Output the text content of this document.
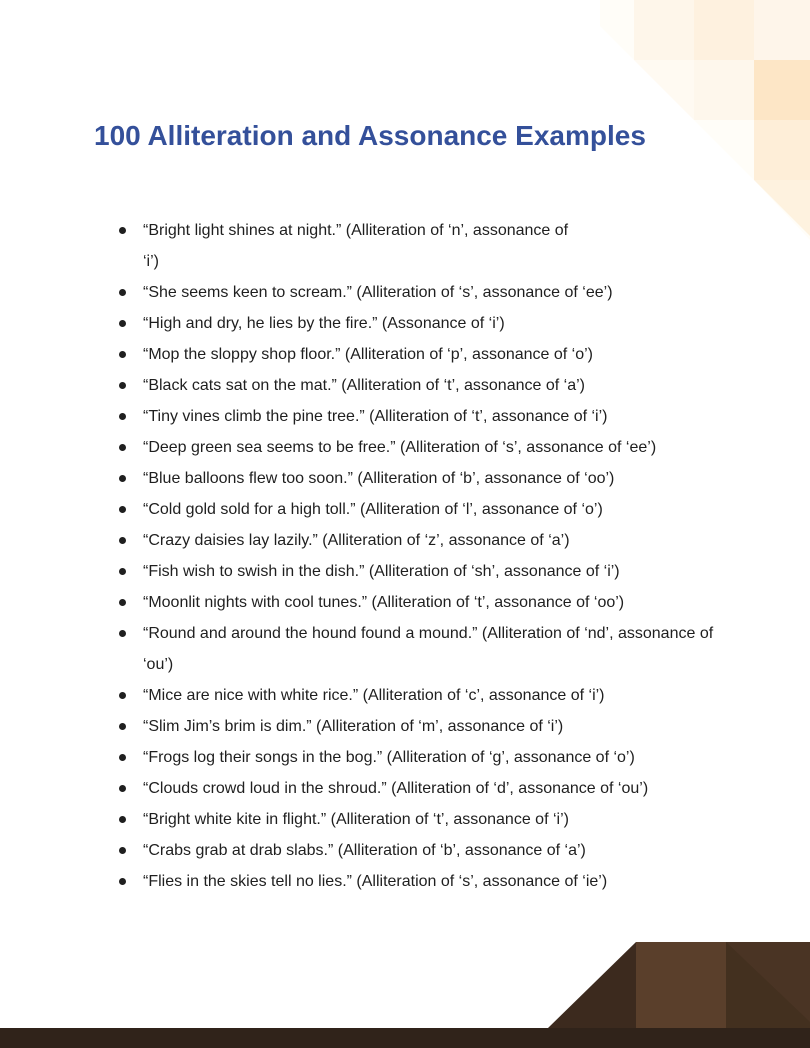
100 Alliteration and Assonance Examples
“Bright light shines at night.” (Alliteration of ‘n’, assonance of ‘i’)
“She seems keen to scream.” (Alliteration of ‘s’, assonance of ‘ee’)
“High and dry, he lies by the fire.” (Assonance of ‘i’)
“Mop the sloppy shop floor.” (Alliteration of ‘p’, assonance of ‘o’)
“Black cats sat on the mat.” (Alliteration of ‘t’, assonance of ‘a’)
“Tiny vines climb the pine tree.” (Alliteration of ‘t’, assonance of ‘i’)
“Deep green sea seems to be free.” (Alliteration of ‘s’, assonance of ‘ee’)
“Blue balloons flew too soon.” (Alliteration of ‘b’, assonance of ‘oo’)
“Cold gold sold for a high toll.” (Alliteration of ‘l’, assonance of ‘o’)
“Crazy daisies lay lazily.” (Alliteration of ‘z’, assonance of ‘a’)
“Fish wish to swish in the dish.” (Alliteration of ‘sh’, assonance of ‘i’)
“Moonlit nights with cool tunes.” (Alliteration of ‘t’, assonance of ‘oo’)
“Round and around the hound found a mound.” (Alliteration of ‘nd’, assonance of ‘ou’)
“Mice are nice with white rice.” (Alliteration of ‘c’, assonance of ‘i’)
“Slim Jim’s brim is dim.” (Alliteration of ‘m’, assonance of ‘i’)
“Frogs log their songs in the bog.” (Alliteration of ‘g’, assonance of ‘o’)
“Clouds crowd loud in the shroud.” (Alliteration of ‘d’, assonance of ‘ou’)
“Bright white kite in flight.” (Alliteration of ‘t’, assonance of ‘i’)
“Crabs grab at drab slabs.” (Alliteration of ‘b’, assonance of ‘a’)
“Flies in the skies tell no lies.” (Alliteration of ‘s’, assonance of ‘ie’)
